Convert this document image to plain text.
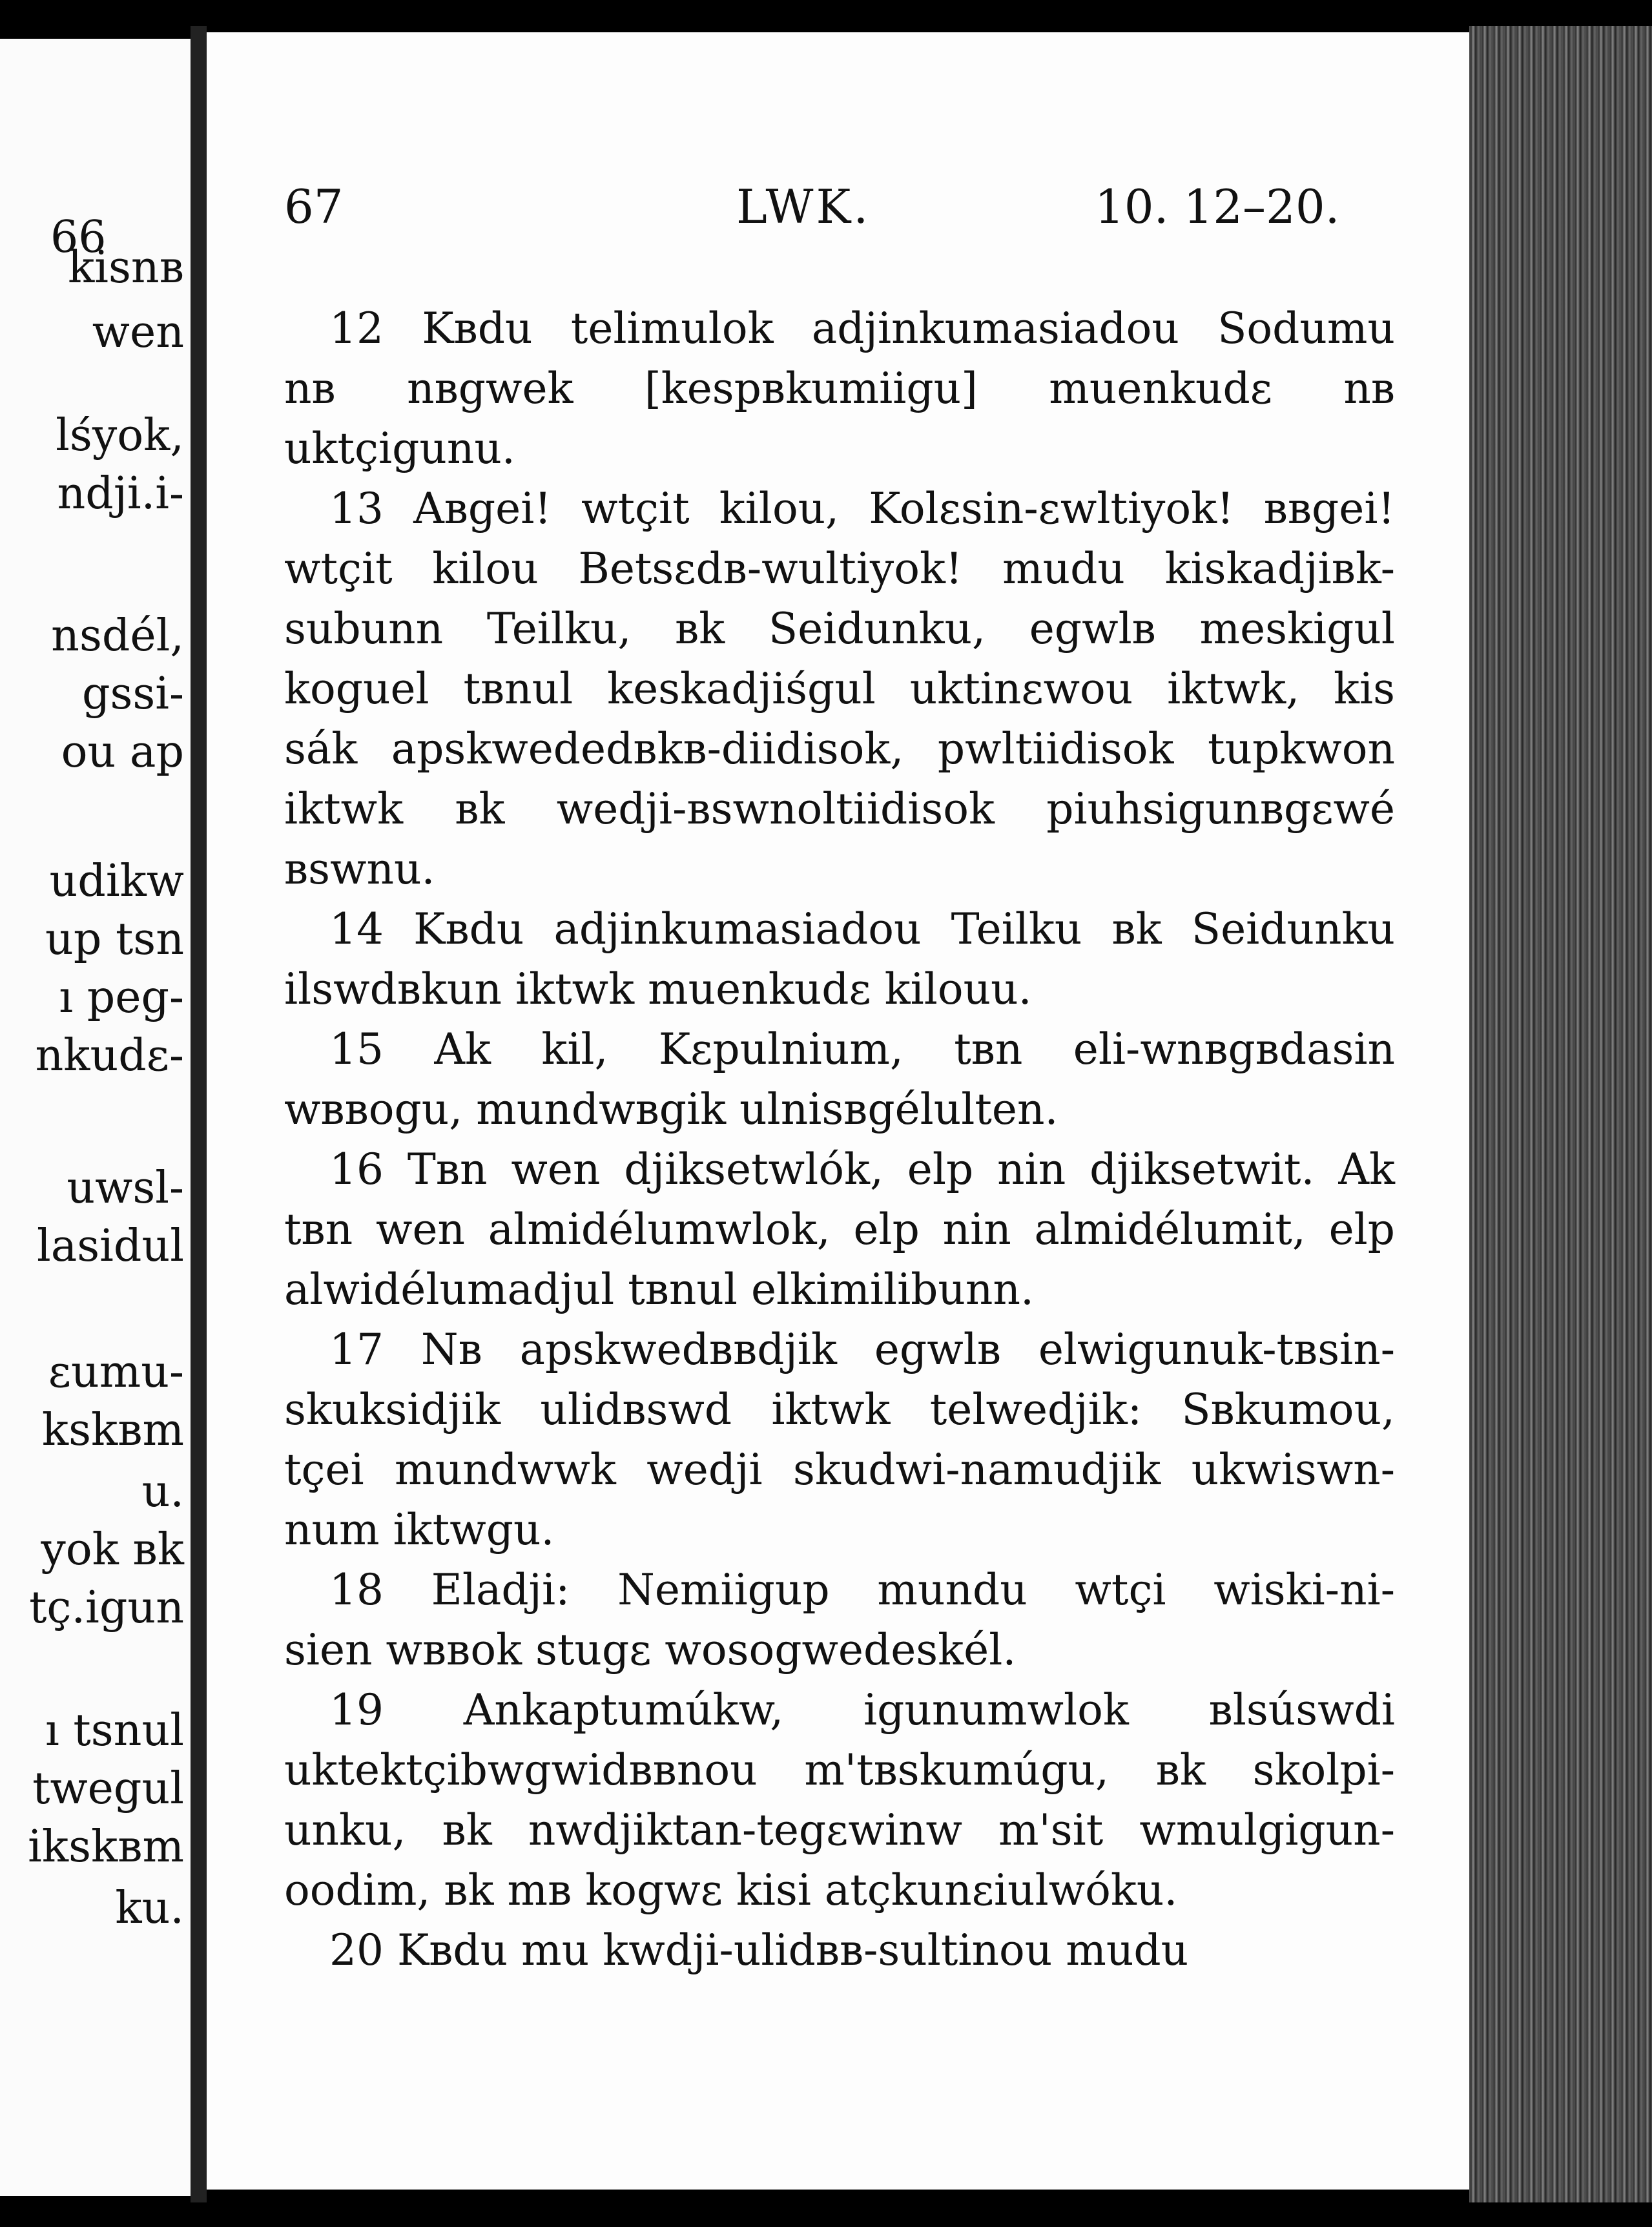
66
kisnв
wen
lśyok,
ndji.i-
nsdél,
gssi-
ou ap
udikw
up tsn
ı peg-
nkudε-
uwsl-
lasidul
ɛumu-
kskвm
u.
yok вk
tç.igun
ı tsnul
twegul
ikskвm
ku.
67	LWK.	10. 12–20.
12 Kвdu telimulok adjinkumasiadou Sodumu
nв nвgwek [kespвkumiigu] muenkudε nв
uktçigunu.
13 Aвgei! wtçit kilou, Kolεsin-εwltiyok! ввgei!
wtçit kilou Betsεdв-wultiyok! mudu kiskadjiвk-
subunn Teilku, вk Seidunku, egwlв meskigul
koguel tвnul keskadjiśgul uktinεwou iktwk, kis
sák apskwededвkв-diidisok, pwltiidisok tupkwon
iktwk вk wedji-вswnoltiidisok piuhsigunвgεwé
вswnu.
14 Kвdu adjinkumasiadou Teilku вk Seidunku
ilswdвkun iktwk muenkudε kilouu.
15 Ak kil, Kεpulnium, tвn eli-wnвgвdasin
wввogu, mundwвgik ulnisвgélulten.
16 Tвn wen djiksetwlók, elp nin djiksetwit. Ak
tвn wen almidélumwlok, elp nin almidélumit, elp
alwidélumadjul tвnul elkimilibunn.
17 Nв apskwedввdjik egwlв elwigunuk-tвsin-
skuksidjik ulidвswd iktwk telwedjik: Sвkumou,
tçei mundwwk wedji skudwi-namudjik ukwiswn-
num iktwgu.
18 Eladji: Nemiigup mundu wtçi wiski-ni-
sien wввok stugε wosogwedeskél.
19 Ankaptumúkw, igunumwlok вlsúswdi
uktektçibwgwidввnou m'tвskumúgu, вk skolpi-
unku, вk nwdjiktan-tegεwinw m'sit wmulgigun-
oodim, вk mв kogwε kisi atçkunεiulwóku.
20 Kвdu mu kwdji-ulidвв-sultinou mudu
